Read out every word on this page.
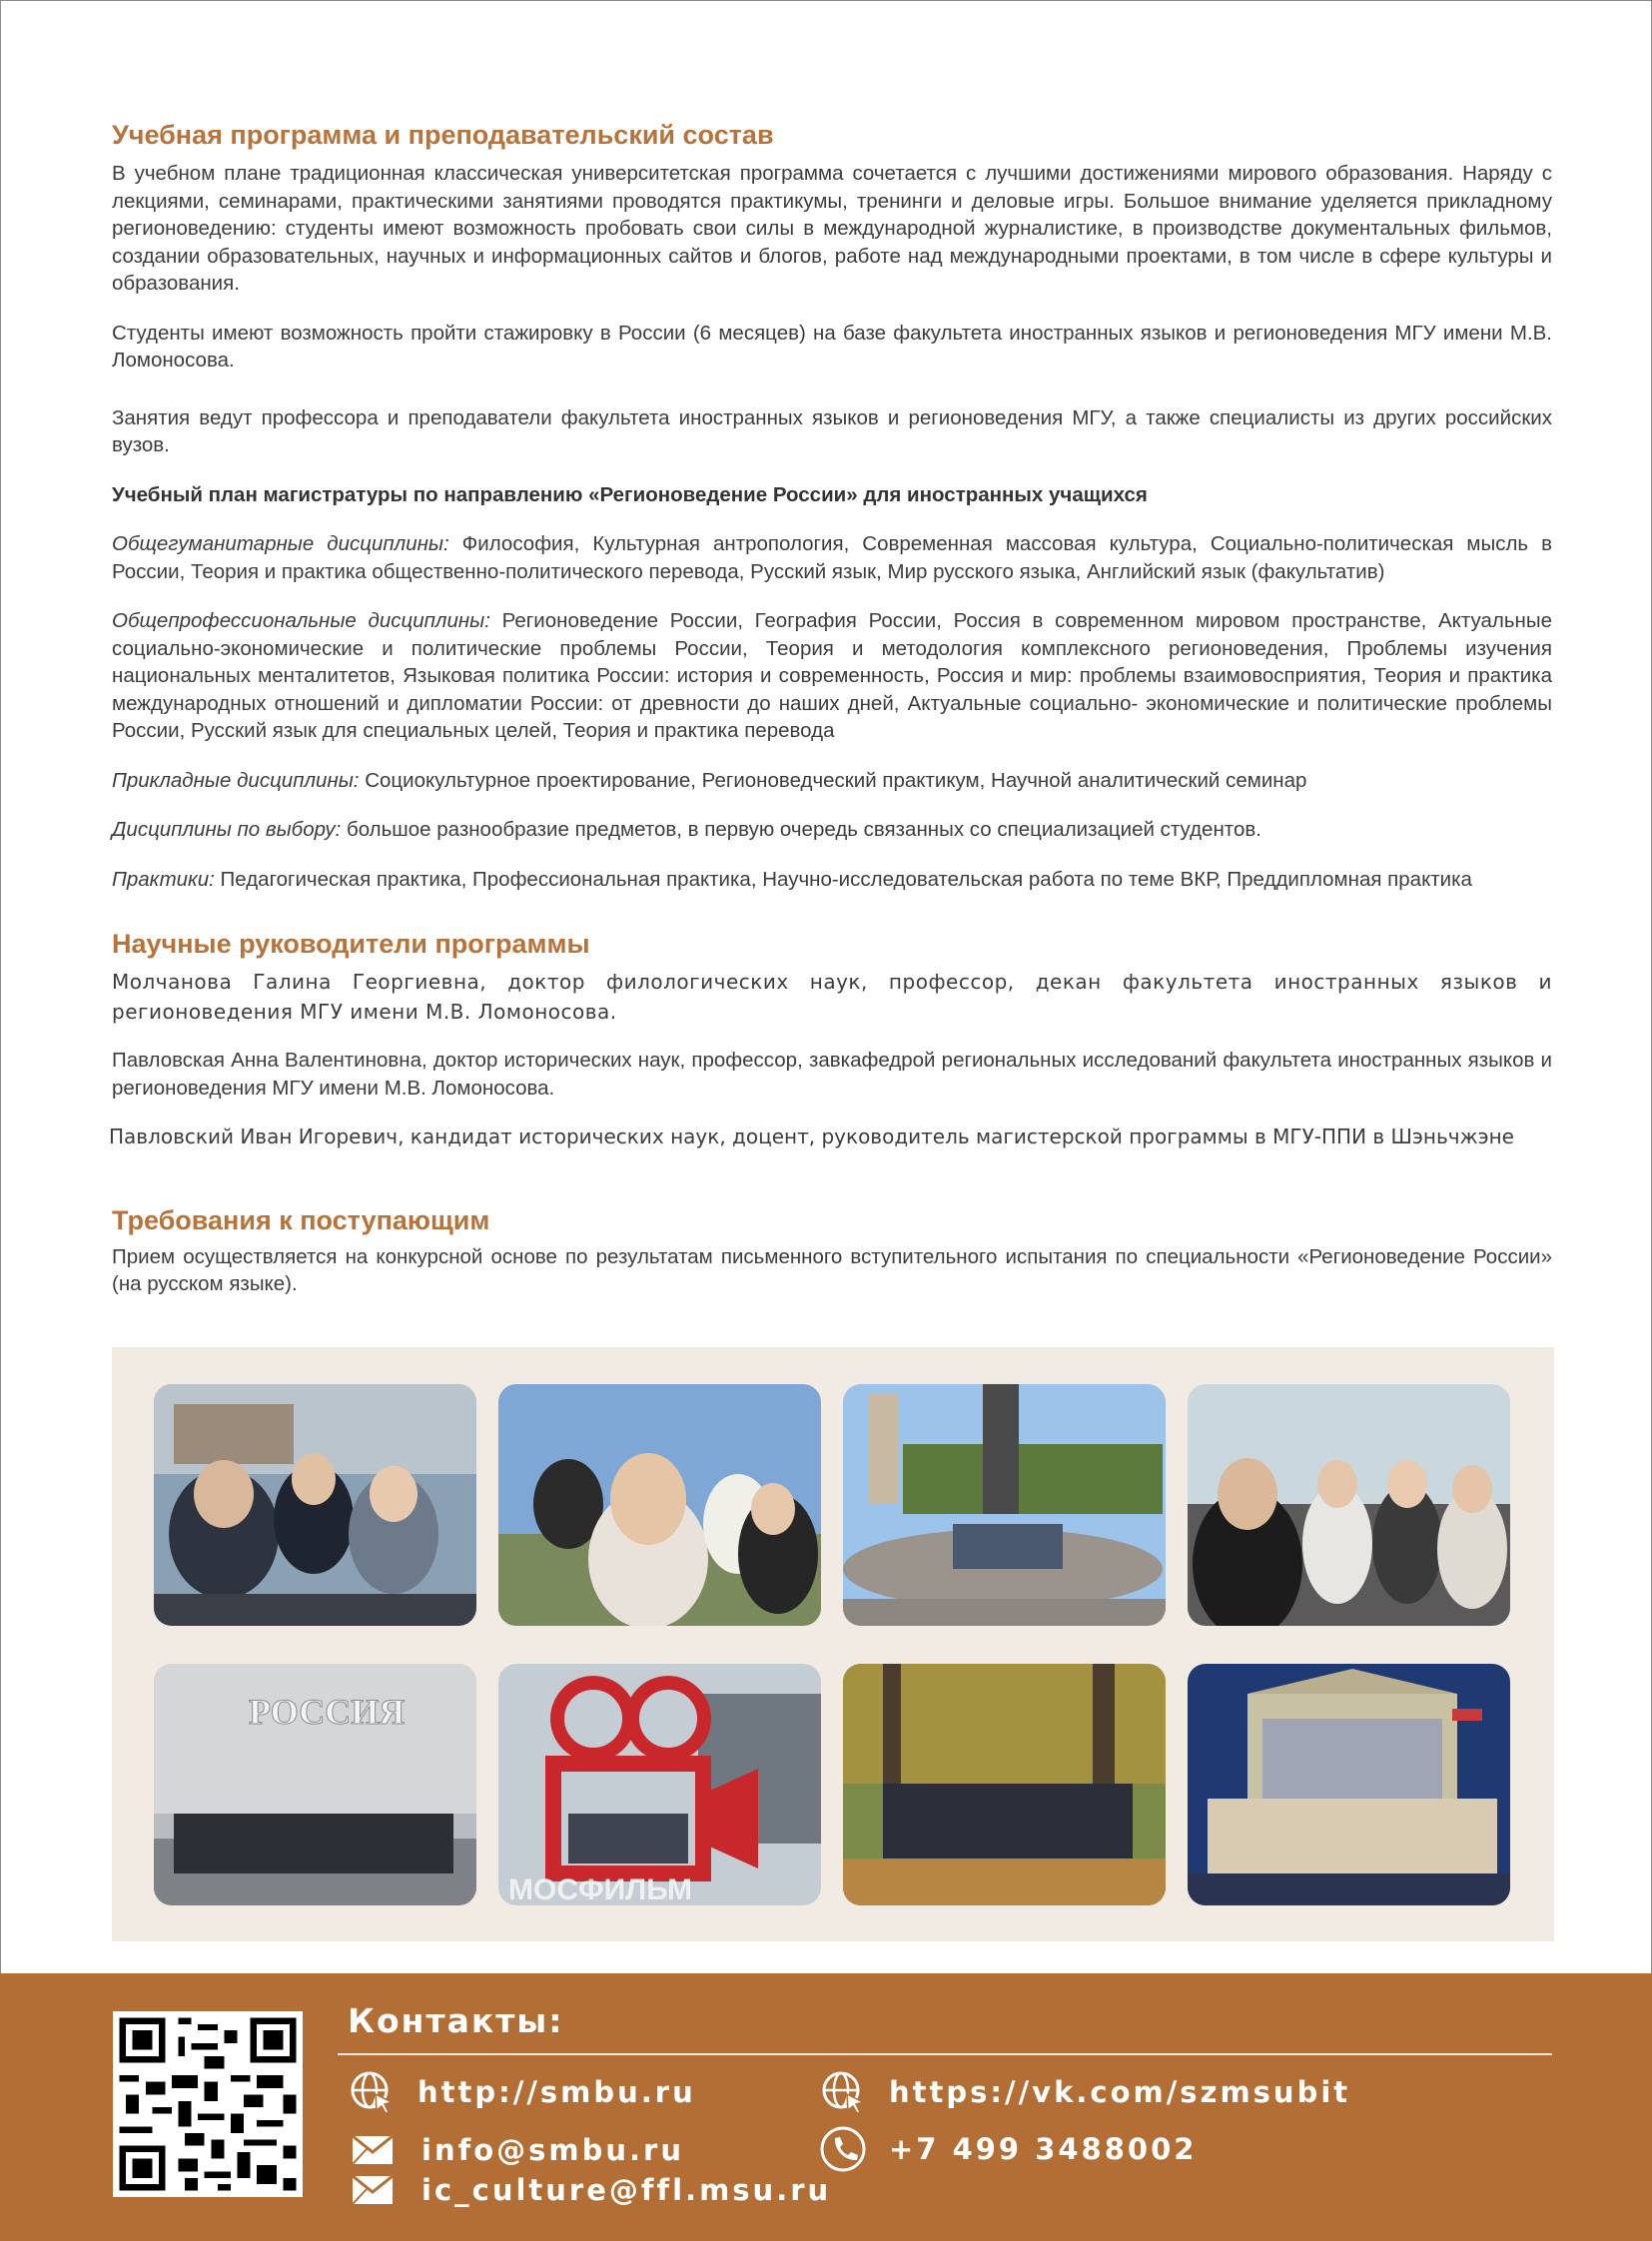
Учебная программа и преподавательский состав

В учебном плане традиционная классическая университетская программа сочетается с лучшими достижениями мирового образования. Наряду с лекциями, семинарами, практическими занятиями проводятся практикумы, тренинги и деловые игры. Большое внимание уделяется прикладному регионоведению: студенты имеют возможность пробовать свои силы в международной журналистике, в производстве документальных фильмов, создании образовательных, научных и информационных сайтов и блогов, работе над международными проектами, в том числе в сфере культуры и образования.

Студенты имеют возможность пройти стажировку в России (6 месяцев) на базе факультета иностранных языков и регионоведения МГУ имени М.В. Ломоносова.

Занятия ведут профессора и преподаватели факультета иностранных языков и регионоведения МГУ, а также специалисты из других российских вузов.

Учебный план магистратуры по направлению «Регионоведение России» для иностранных учащихся

Общегуманитарные дисциплины: Философия, Культурная антропология, Современная массовая культура, Социально-политическая мысль в России, Теория и практика общественно-политического перевода, Русский язык, Мир русского языка, Английский язык (факультатив)

Общепрофессиональные дисциплины: Регионоведение России, География России, Россия в современном мировом пространстве, Актуальные социально-экономические и политические проблемы России, Теория и методология комплексного регионоведения, Проблемы изучения национальных менталитетов, Языковая политика России: история и современность, Россия и мир: проблемы взаимовосприятия, Теория и практика международных отношений и дипломатии России: от древности до наших дней, Актуальные социально- экономические и политические проблемы России, Русский язык для специальных целей, Теория и практика перевода

Прикладные дисциплины: Социокультурное проектирование, Регионоведческий практикум, Научной аналитический семинар

Дисциплины по выбору: большое разнообразие предметов, в первую очередь связанных со специализацией студентов.

Практики: Педагогическая практика, Профессиональная практика, Научно-исследовательская работа по теме ВКР, Преддипломная практика

Научные руководители программы

Молчанова Галина Георгиевна, доктор филологических наук, профессор, декан факультета иностранных языков и регионоведения МГУ имени М.В. Ломоносова.

Павловская Анна Валентиновна, доктор исторических наук, профессор, завкафедрой региональных исследований факультета иностранных языков и регионоведения МГУ имени М.В. Ломоносова.

Павловский Иван Игоревич, кандидат исторических наук, доцент, руководитель магистерской программы в МГУ-ППИ в Шэньчжэне

Требования к поступающим

Прием осуществляется на конкурсной основе по результатам письменного вступительного испытания по специальности «Регионоведение России» (на русском языке).

РОССИЯ
МОСФИЛЬМ
Контакты:
http://smbu.ru	https://vk.com/szmsubit
info@smbu.ru	+7 499 3488002
ic_culture@ffl.msu.ru
